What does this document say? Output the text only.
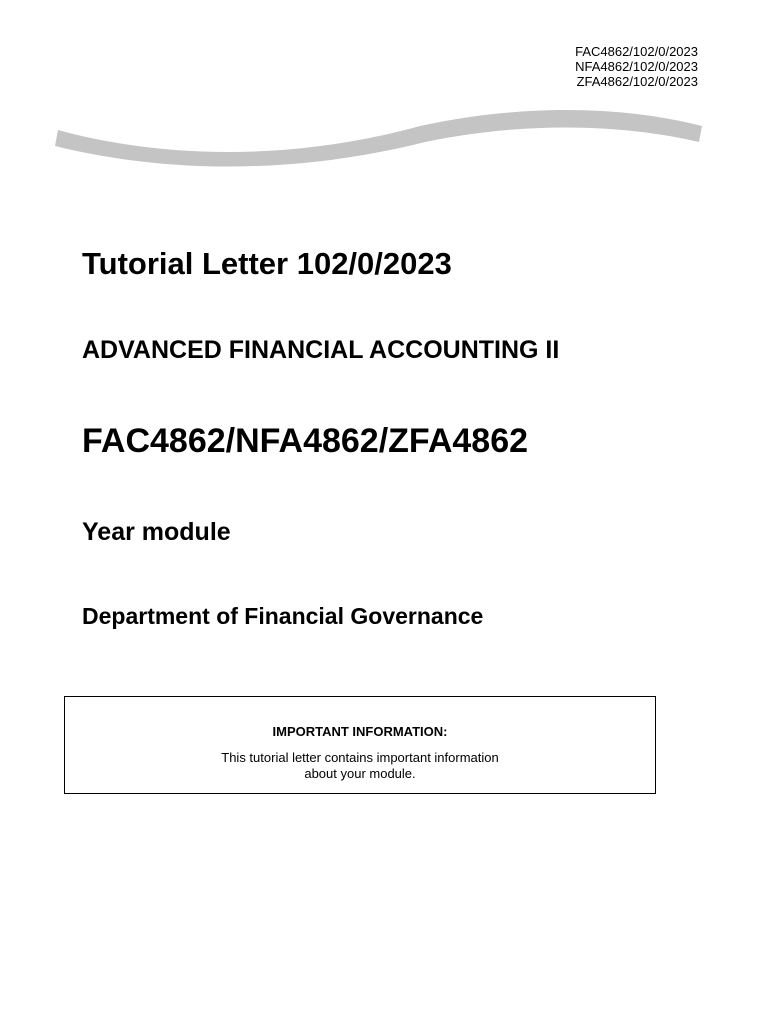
FAC4862/102/0/2023
NFA4862/102/0/2023
ZFA4862/102/0/2023
Tutorial Letter 102/0/2023
ADVANCED FINANCIAL ACCOUNTING II
FAC4862/NFA4862/ZFA4862
Year module
Department of Financial Governance
IMPORTANT INFORMATION:
This tutorial letter contains important information
about your module.
